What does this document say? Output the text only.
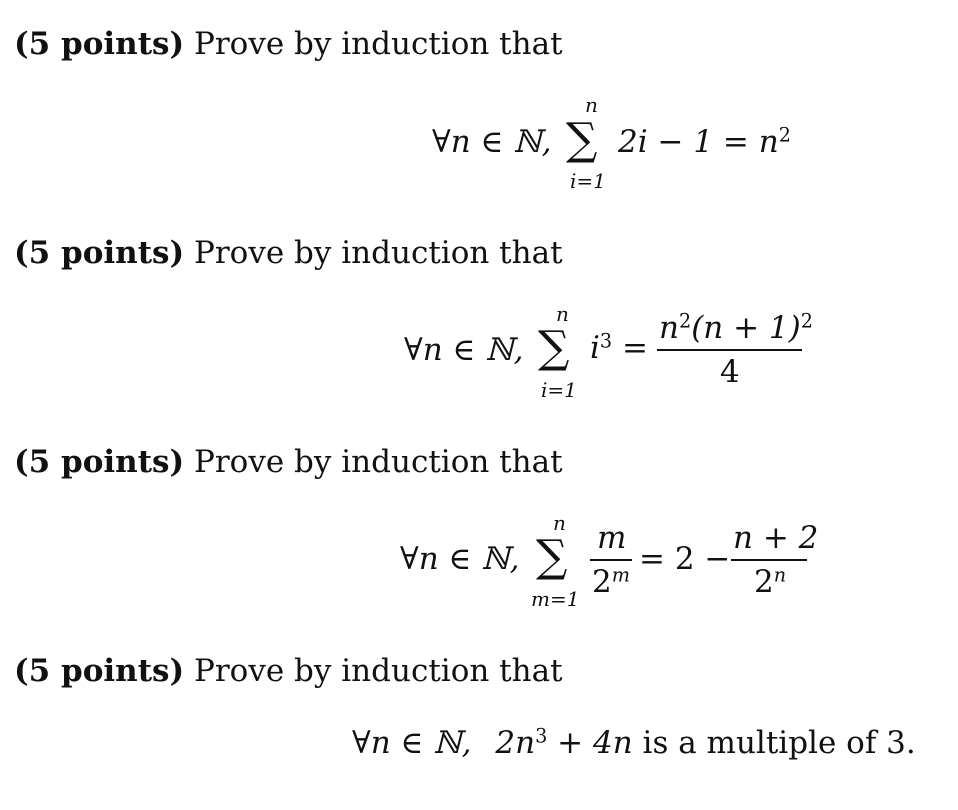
(5 points) Prove by induction that
∀n ∈ ℕ,
n
∑
i=1
$2i - 1 = n^2$
(5 points) Prove by induction that
∀n ∈ ℕ,
n
∑
i=1
$i^3$ =
$n^2(n + 1)^2$
4
(5 points) Prove by induction that
∀n ∈ ℕ,
n
∑
m=1
m
$2^m = 2$ −
n + 2
2$^n$
(5 points) Prove by induction that
∀n ∈ ℕ, $2n^3 + 4n$ is a multiple of 3.
